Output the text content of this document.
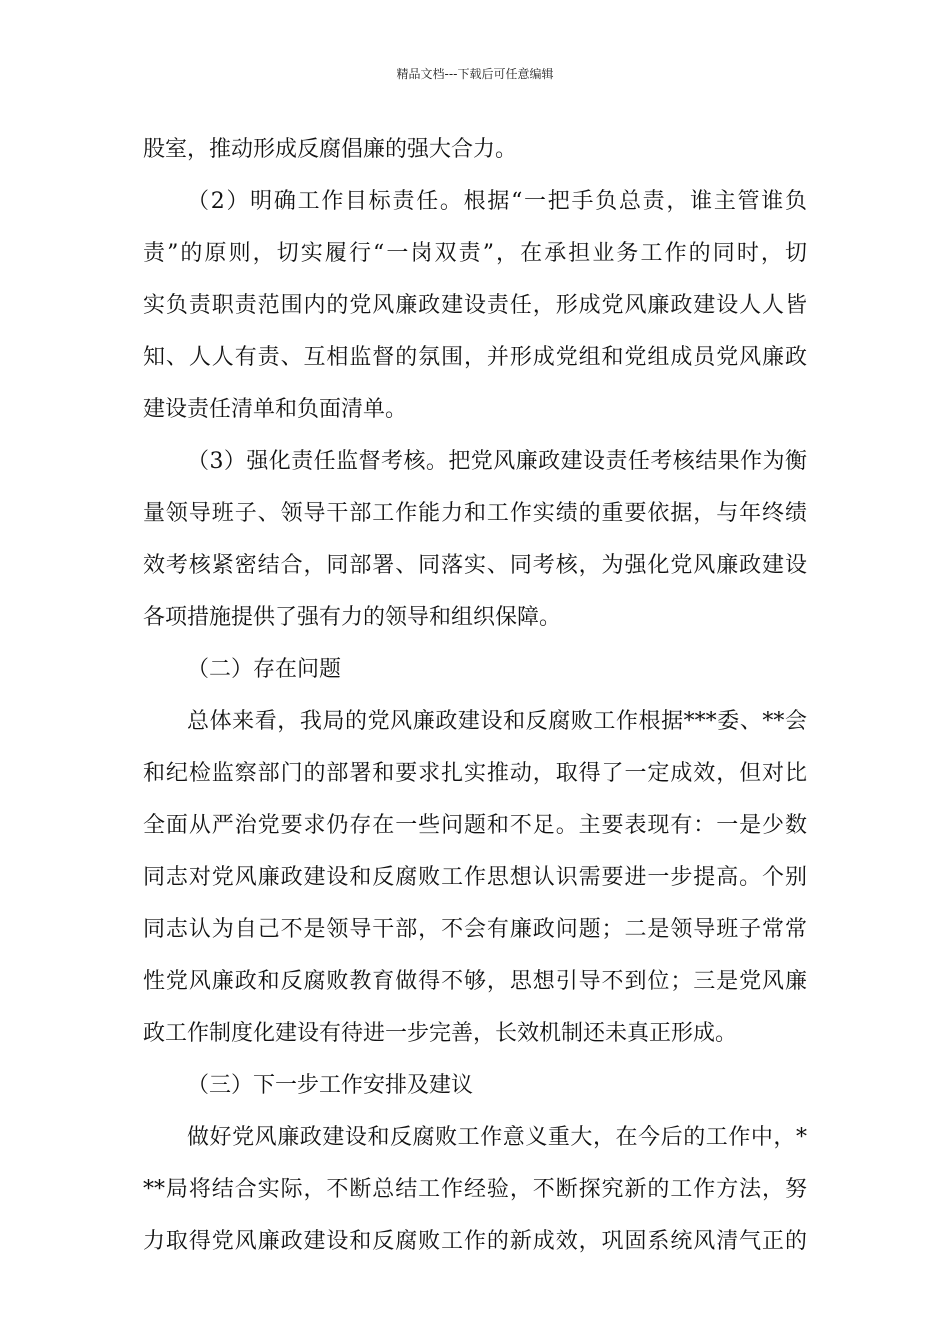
精品文档---下载后可任意编辑
股室，推动形成反腐倡廉的强大合力。
（2）明确工作目标责任。根据“一把手负总责，谁主管谁负
责”的原则，切实履行“一岗双责”，在承担业务工作的同时，切
实负责职责范围内的党风廉政建设责任，形成党风廉政建设人人皆
知、人人有责、互相监督的氛围，并形成党组和党组成员党风廉政
建设责任清单和负面清单。
（3）强化责任监督考核。把党风廉政建设责任考核结果作为衡
量领导班子、领导干部工作能力和工作实绩的重要依据，与年终绩
效考核紧密结合，同部署、同落实、同考核，为强化党风廉政建设
各项措施提供了强有力的领导和组织保障。
（二）存在问题
总体来看，我局的党风廉政建设和反腐败工作根据***委、**会
和纪检监察部门的部署和要求扎实推动，取得了一定成效，但对比
全面从严治党要求仍存在一些问题和不足。主要表现有：一是少数
同志对党风廉政建设和反腐败工作思想认识需要进一步提高。个别
同志认为自己不是领导干部，不会有廉政问题；二是领导班子常常
性党风廉政和反腐败教育做得不够，思想引导不到位；三是党风廉
政工作制度化建设有待进一步完善，长效机制还未真正形成。
（三）下一步工作安排及建议
做好党风廉政建设和反腐败工作意义重大，在今后的工作中，*
**局将结合实际，不断总结工作经验，不断探究新的工作方法，努
力取得党风廉政建设和反腐败工作的新成效，巩固系统风清气正的
